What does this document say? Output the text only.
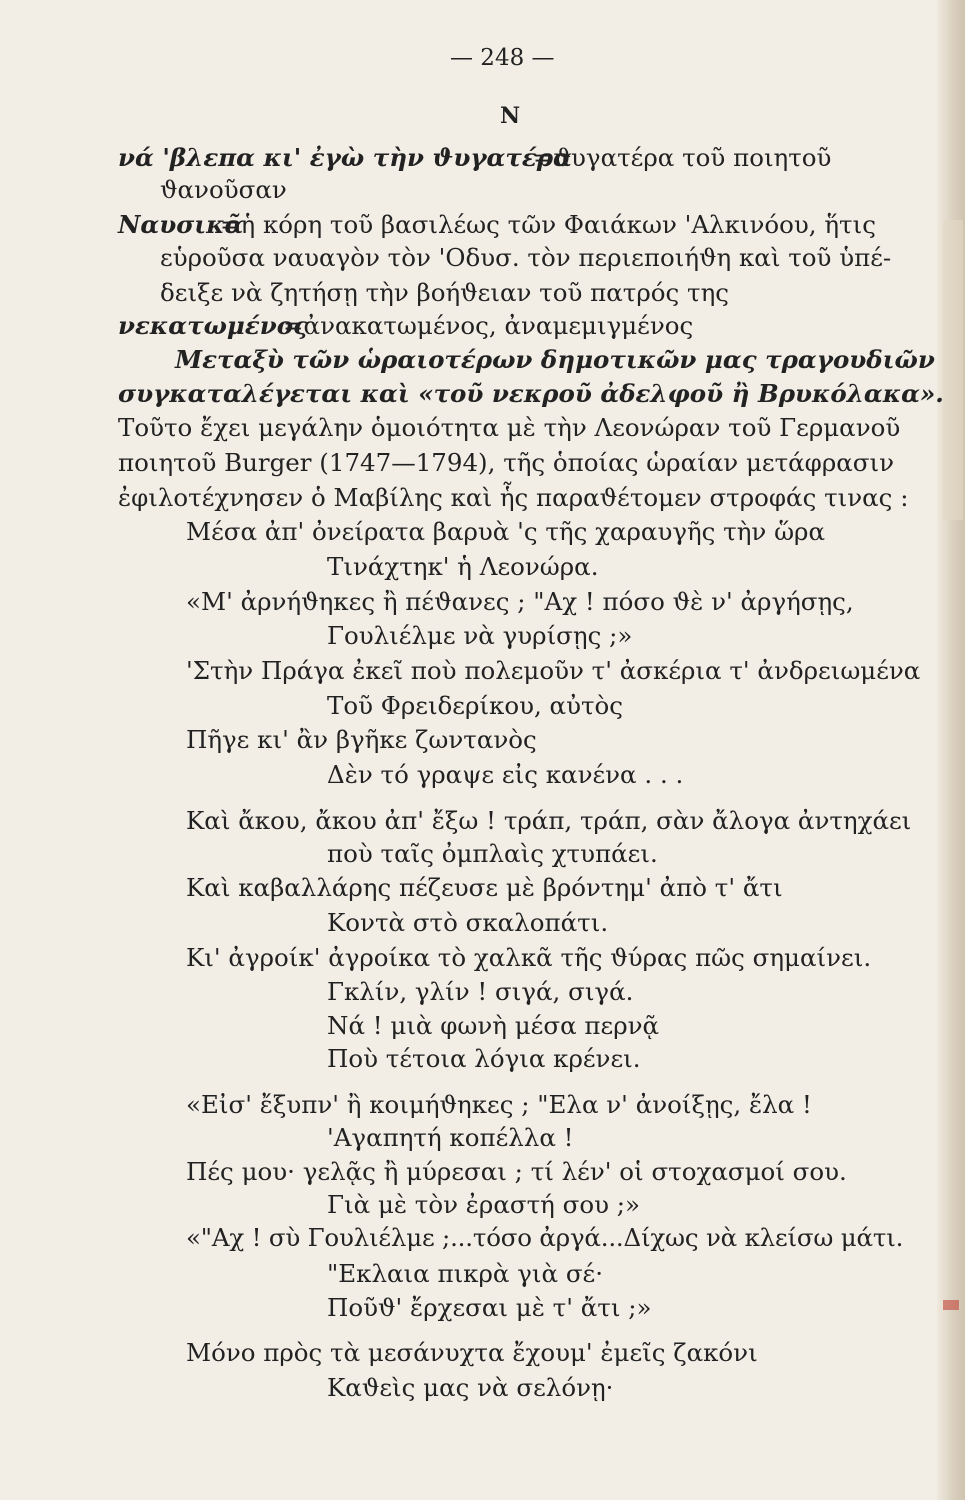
— 248 —
Ν
νά 'βλεπα κι' ἐγὼ τὴν ϑυγατέρα
=ϑυγατέρα τοῦ ποιητοῦ
ϑανοῦσαν
Ναυσικᾶ
=ἡ κόρη τοῦ βασιλέως τῶν Φαιάκων 'Αλκινόου, ἥτις
εὑροῦσα ναυαγὸν τὸν 'Οδυσ. τὸν περιεποιήϑη καὶ τοῦ ὑπέ-
δειξε νὰ ζητήσῃ τὴν βοήϑειαν τοῦ πατρός της
νεκατωμένος
=ἀνακατωμένος, ἀναμεμιγμένος
Μεταξὺ τῶν ὡραιοτέρων δημοτικῶν μας τραγουδιῶν
συγκαταλέγεται καὶ «τοῦ νεκροῦ ἀδελφοῦ ἢ Βρυκόλακα».
Τοῦτο ἔχει μεγάλην ὁμοιότητα μὲ τὴν Λεονώραν τοῦ Γερμανοῦ
ποιητοῦ Burger (1747—1794), τῆς ὁποίας ὡραίαν μετάφρασιν
ἐφιλοτέχνησεν ὁ Μαβίλης καὶ ἧς παραϑέτομεν στροφάς τινας :
Μέσα ἀπ' ὀνείρατα βαρυὰ 'ς τῆς χαραυγῆς τὴν ὥρα
Τινάχτηκ' ἡ Λεονώρα.
«Μ' ἀρνήϑηκες ἢ πέϑανες ; "Αχ ! πόσο ϑὲ ν' ἀργήσῃς,
Γουλιέλμε νὰ γυρίσῃς ;»
'Στὴν Πράγα ἐκεῖ ποὺ πολεμοῦν τ' ἀσκέρια τ' ἀνδρειωμένα
Τοῦ Φρειδερίκου, αὐτὸς
Πῆγε κι' ἂν βγῆκε ζωντανὸς
Δὲν τό γραψε εἰς κανένα . . .
Καὶ ἄκου, ἄκου ἀπ' ἔξω ! τράπ, τράπ, σὰν ἄλογα ἀντηχάει
ποὺ ταῖς ὀμπλαὶς χτυπάει.
Καὶ καβαλλάρης πέζευσε μὲ βρόντημ' ἀπὸ τ' ἄτι
Κοντὰ στὸ σκαλοπάτι.
Κι' ἀγροίκ' ἀγροίκα τὸ χαλκᾶ τῆς ϑύρας πῶς σημαίνει.
Γκλίν, γλίν ! σιγά, σιγά.
Νά ! μιὰ φωνὴ μέσα περνᾷ
Ποὺ τέτοια λόγια κρένει.
«Εἰσ' ἔξυπν' ἢ κοιμήϑηκες ; "Ελα ν' ἀνοίξῃς, ἔλα !
'Αγαπητή κοπέλλα !
Πές μου· γελᾷς ἢ μύρεσαι ; τί λέν' οἱ στοχασμοί σου.
Γιὰ μὲ τὸν ἐραστή σου ;»
«"Αχ ! σὺ Γουλιέλμε ;...τόσο ἀργά...Δίχως νὰ κλείσω μάτι.
"Εκλαια πικρὰ γιὰ σέ·
Ποῦϑ' ἔρχεσαι μὲ τ' ἄτι ;»
Μόνο πρὸς τὰ μεσάνυχτα ἔχουμ' ἐμεῖς ζακόνι
Καϑεὶς μας νὰ σελόνῃ·
